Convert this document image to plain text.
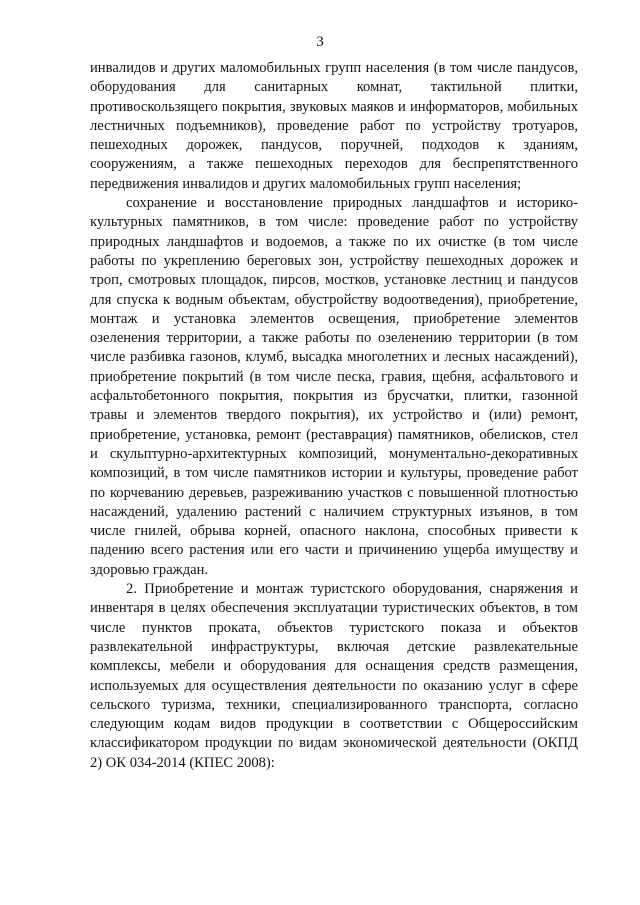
3

инвалидов и других маломобильных групп населения (в том числе пандусов, оборудования для санитарных комнат, тактильной плитки, противоскользящего покрытия, звуковых маяков и информаторов, мобильных лестничных подъемников), проведение работ по устройству тротуаров, пешеходных дорожек, пандусов, поручней, подходов к зданиям, сооружениям, а также пешеходных переходов для беспрепятственного передвижения инвалидов и других маломобильных групп населения;

сохранение и восстановление природных ландшафтов и историко-культурных памятников, в том числе: проведение работ по устройству природных ландшафтов и водоемов, а также по их очистке (в том числе работы по укреплению береговых зон, устройству пешеходных дорожек и троп, смотровых площадок, пирсов, мостков, установке лестниц и пандусов для спуска к водным объектам, обустройству водоотведения), приобретение, монтаж и установка элементов освещения, приобретение элементов озеленения территории, а также работы по озеленению территории (в том числе разбивка газонов, клумб, высадка многолетних и лесных насаждений), приобретение покрытий (в том числе песка, гравия, щебня, асфальтового и асфальтобетонного покрытия, покрытия из брусчатки, плитки, газонной травы и элементов твердого покрытия), их устройство и (или) ремонт, приобретение, установка, ремонт (реставрация) памятников, обелисков, стел и скульптурно-архитектурных композиций, монументально-декоративных композиций, в том числе памятников истории и культуры, проведение работ по корчеванию деревьев, разреживанию участков с повышенной плотностью насаждений, удалению растений с наличием структурных изъянов, в том числе гнилей, обрыва корней, опасного наклона, способных привести к падению всего растения или его части и причинению ущерба имуществу и здоровью граждан.

2. Приобретение и монтаж туристского оборудования, снаряжения и инвентаря в целях обеспечения эксплуатации туристических объектов, в том числе пунктов проката, объектов туристского показа и объектов развлекательной инфраструктуры, включая детские развлекательные комплексы, мебели и оборудования для оснащения средств размещения, используемых для осуществления деятельности по оказанию услуг в сфере сельского туризма, техники, специализированного транспорта, согласно следующим кодам видов продукции в соответствии с Общероссийским классификатором продукции по видам экономической деятельности (ОКПД 2) ОК 034-2014 (КПЕС 2008):
